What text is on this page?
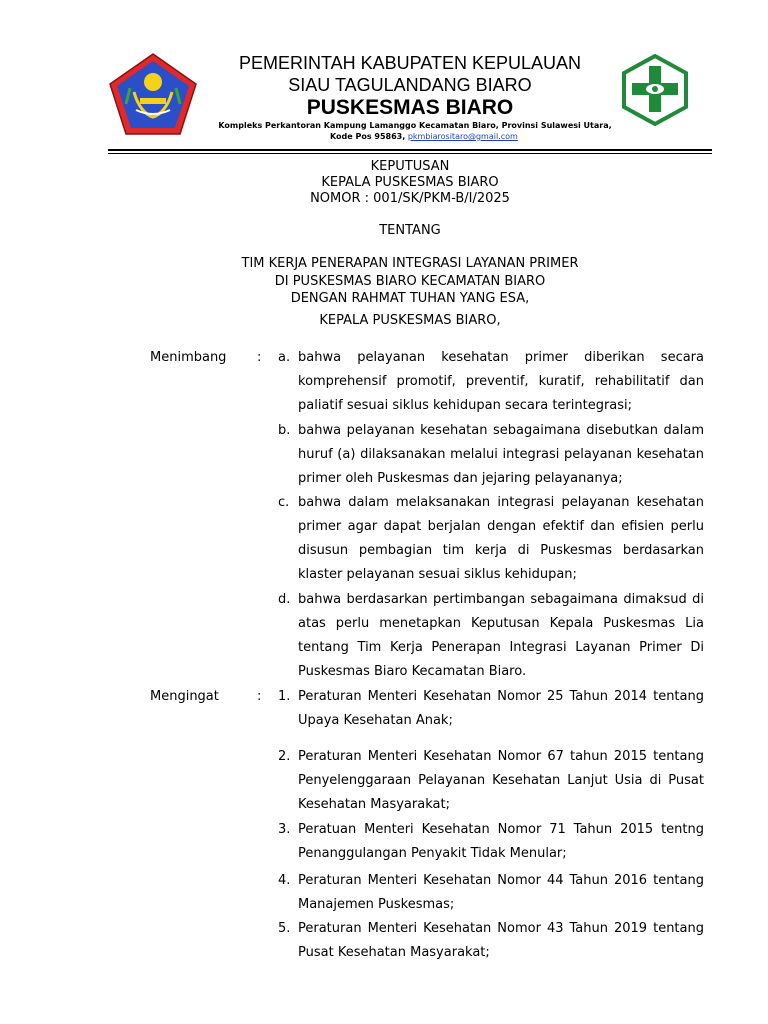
PEMERINTAH KABUPATEN KEPULAUAN
SIAU TAGULANDANG BIARO
PUSKESMAS BIARO
Kompleks Perkantoran Kampung Lamanggo Kecamatan Biaro, Provinsi Sulawesi Utara,
Kode Pos 95863, pkmbiarositaro@gmail.com
KEPUTUSAN
KEPALA PUSKESMAS BIARO
NOMOR : 001/SK/PKM-B/I/2025
TENTANG
TIM KERJA PENERAPAN INTEGRASI LAYANAN PRIMER
DI PUSKESMAS BIARO KECAMATAN BIARO
DENGAN RAHMAT TUHAN YANG ESA,
KEPALA PUSKESMAS BIARO,
Menimbang : a. bahwa pelayanan kesehatan primer diberikan secara komprehensif promotif, preventif, kuratif, rehabilitatif dan paliatif sesuai siklus kehidupan secara terintegrasi;
b. bahwa pelayanan kesehatan sebagaimana disebutkan dalam huruf (a) dilaksanakan melalui integrasi pelayanan kesehatan primer oleh Puskesmas dan jejaring pelayananya;
c. bahwa dalam melaksanakan integrasi pelayanan kesehatan primer agar dapat berjalan dengan efektif dan efisien perlu disusun pembagian tim kerja di Puskesmas berdasarkan klaster pelayanan sesuai siklus kehidupan;
d. bahwa berdasarkan pertimbangan sebagaimana dimaksud di atas perlu menetapkan Keputusan Kepala Puskesmas Lia tentang Tim Kerja Penerapan Integrasi Layanan Primer Di Puskesmas Biaro Kecamatan Biaro.
Mengingat	: 1. Peraturan Menteri Kesehatan Nomor 25 Tahun 2014 tentang Upaya Kesehatan Anak;
2. Peraturan Menteri Kesehatan Nomor 67 tahun 2015 tentang Penyelenggaraan Pelayanan Kesehatan Lanjut Usia di Pusat Kesehatan Masyarakat;
3. Peratuan Menteri Kesehatan Nomor 71 Tahun 2015 tentng Penanggulangan Penyakit Tidak Menular;
4. Peraturan Menteri Kesehatan Nomor 44 Tahun 2016 tentang Manajemen Puskesmas;
5. Peraturan Menteri Kesehatan Nomor 43 Tahun 2019 tentang Pusat Kesehatan Masyarakat;
